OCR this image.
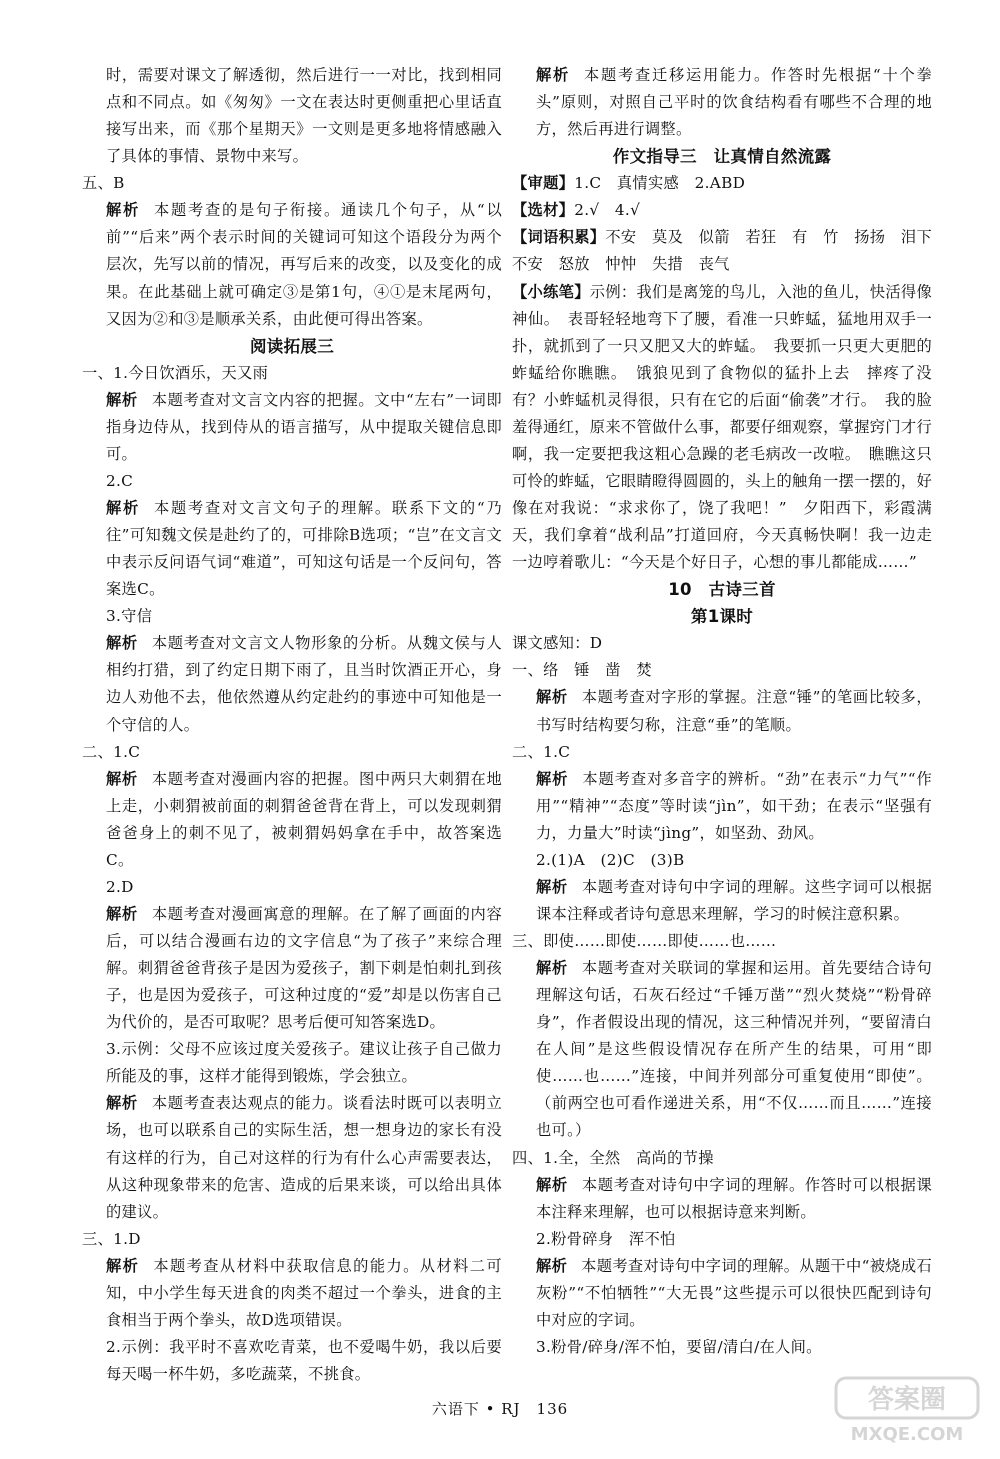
时，需要对课文了解透彻，然后进行一一对比，找到相同点和不同点。如《匆匆》一文在表达时更侧重把心里话直接写出来，而《那个星期天》一文则是更多地将情感融入了具体的事情、景物中来写。

五、B

解析 本题考查的是句子衔接。通读几个句子，从“以前”“后来”两个表示时间的关键词可知这个语段分为两个层次，先写以前的情况，再写后来的改变，以及变化的成果。在此基础上就可确定③是第1句，④①是末尾两句，又因为②和③是顺承关系，由此便可得出答案。

阅读拓展三

一、1.今日饮酒乐，天又雨

解析 本题考查对文言文内容的把握。文中“左右”一词即指身边侍从，找到侍从的语言描写，从中提取关键信息即可。

2.C

解析 本题考查对文言文句子的理解。联系下文的“乃往”可知魏文侯是赴约了的，可排除B选项；“岂”在文言文中表示反问语气词“难道”，可知这句话是一个反问句，答案选C。

3.守信

解析 本题考查对文言文人物形象的分析。从魏文侯与人相约打猎，到了约定日期下雨了，且当时饮酒正开心，身边人劝他不去，他依然遵从约定赴约的事迹中可知他是一个守信的人。

二、1.C

解析 本题考查对漫画内容的把握。图中两只大刺猬在地上走，小刺猬被前面的刺猬爸爸背在背上，可以发现刺猬爸爸身上的刺不见了，被刺猬妈妈拿在手中，故答案选C。

2.D

解析 本题考查对漫画寓意的理解。在了解了画面的内容后，可以结合漫画右边的文字信息“为了孩子”来综合理解。刺猬爸爸背孩子是因为爱孩子，割下刺是怕刺扎到孩子，也是因为爱孩子，可这种过度的“爱”却是以伤害自己为代价的，是否可取呢？思考后便可知答案选D。

3.示例：父母不应该过度关爱孩子。建议让孩子自己做力所能及的事，这样才能得到锻炼，学会独立。

解析 本题考查表达观点的能力。谈看法时既可以表明立场，也可以联系自己的实际生活，想一想身边的家长有没有这样的行为，自己对这样的行为有什么心声需要表达，从这种现象带来的危害、造成的后果来谈，可以给出具体的建议。

三、1.D

解析 本题考查从材料中获取信息的能力。从材料二可知，中小学生每天进食的肉类不超过一个拳头，进食的主食相当于两个拳头，故D选项错误。

2.示例：我平时不喜欢吃青菜，也不爱喝牛奶，我以后要每天喝一杯牛奶，多吃蔬菜，不挑食。

解析 本题考查迁移运用能力。作答时先根据“十个拳头”原则，对照自己平时的饮食结构看有哪些不合理的地方，然后再进行调整。

作文指导三　让真情自然流露

【审题】1.C　真情实感　2.ABD

【选材】2.√　4.√

【词语积累】不安　莫及　似箭　若狂　有　竹　扬扬　泪下　不安　怒放　忡忡　失措　丧气

【小练笔】示例：我们是离笼的鸟儿，入池的鱼儿，快活得像神仙。　表哥轻轻地弯下了腰，看准一只蚱蜢，猛地用双手一扑，就抓到了一只又肥又大的蚱蜢。　我要抓一只更大更肥的蚱蜢给你瞧瞧。　饿狼见到了食物似的猛扑上去　摔疼了没有？小蚱蜢机灵得很，只有在它的后面“偷袭”才行。　我的脸羞得通红，原来不管做什么事，都要仔细观察，掌握窍门才行啊，我一定要把我这粗心急躁的老毛病改一改啦。　瞧瞧这只可怜的蚱蜢，它眼睛瞪得圆圆的，头上的触角一摆一摆的，好像在对我说：“求求你了，饶了我吧！”　夕阳西下，彩霞满天，我们拿着“战利品”打道回府，今天真畅快啊！我一边走一边哼着歌儿：“今天是个好日子，心想的事儿都能成……”

10　古诗三首

第1课时

课文感知：D

一、络　锤　凿　焚

解析 本题考查对字形的掌握。注意“锤”的笔画比较多，书写时结构要匀称，注意“垂”的笔顺。

二、1.C

解析 本题考查对多音字的辨析。“劲”在表示“力气”“作用”“精神”“态度”等时读“jìn”，如干劲；在表示“坚强有力，力量大”时读“jìng”，如坚劲、劲风。

2.(1)A　(2)C　(3)B

解析 本题考查对诗句中字词的理解。这些字词可以根据课本注释或者诗句意思来理解，学习的时候注意积累。

三、即使……即使……即使……也……

解析 本题考查对关联词的掌握和运用。首先要结合诗句理解这句话，石灰石经过“千锤万凿”“烈火焚烧”“粉骨碎身”，作者假设出现的情况，这三种情况并列，“要留清白在人间”是这些假设情况存在所产生的结果，可用“即使……也……”连接，中间并列部分可重复使用“即使”。（前两空也可看作递进关系，用“不仅……而且……”连接也可。）

四、1.全，全然　高尚的节操

解析 本题考查对诗句中字词的理解。作答时可以根据课本注释来理解，也可以根据诗意来判断。

2.粉骨碎身　浑不怕

解析 本题考查对诗句中字词的理解。从题干中“被烧成石灰粉”“不怕牺牲”“大无畏”这些提示可以很快匹配到诗句中对应的字词。

3.粉骨/碎身/浑不怕，要留/清白/在人间。

六语下 • RJ　136	答案圈
MXQE.COM
